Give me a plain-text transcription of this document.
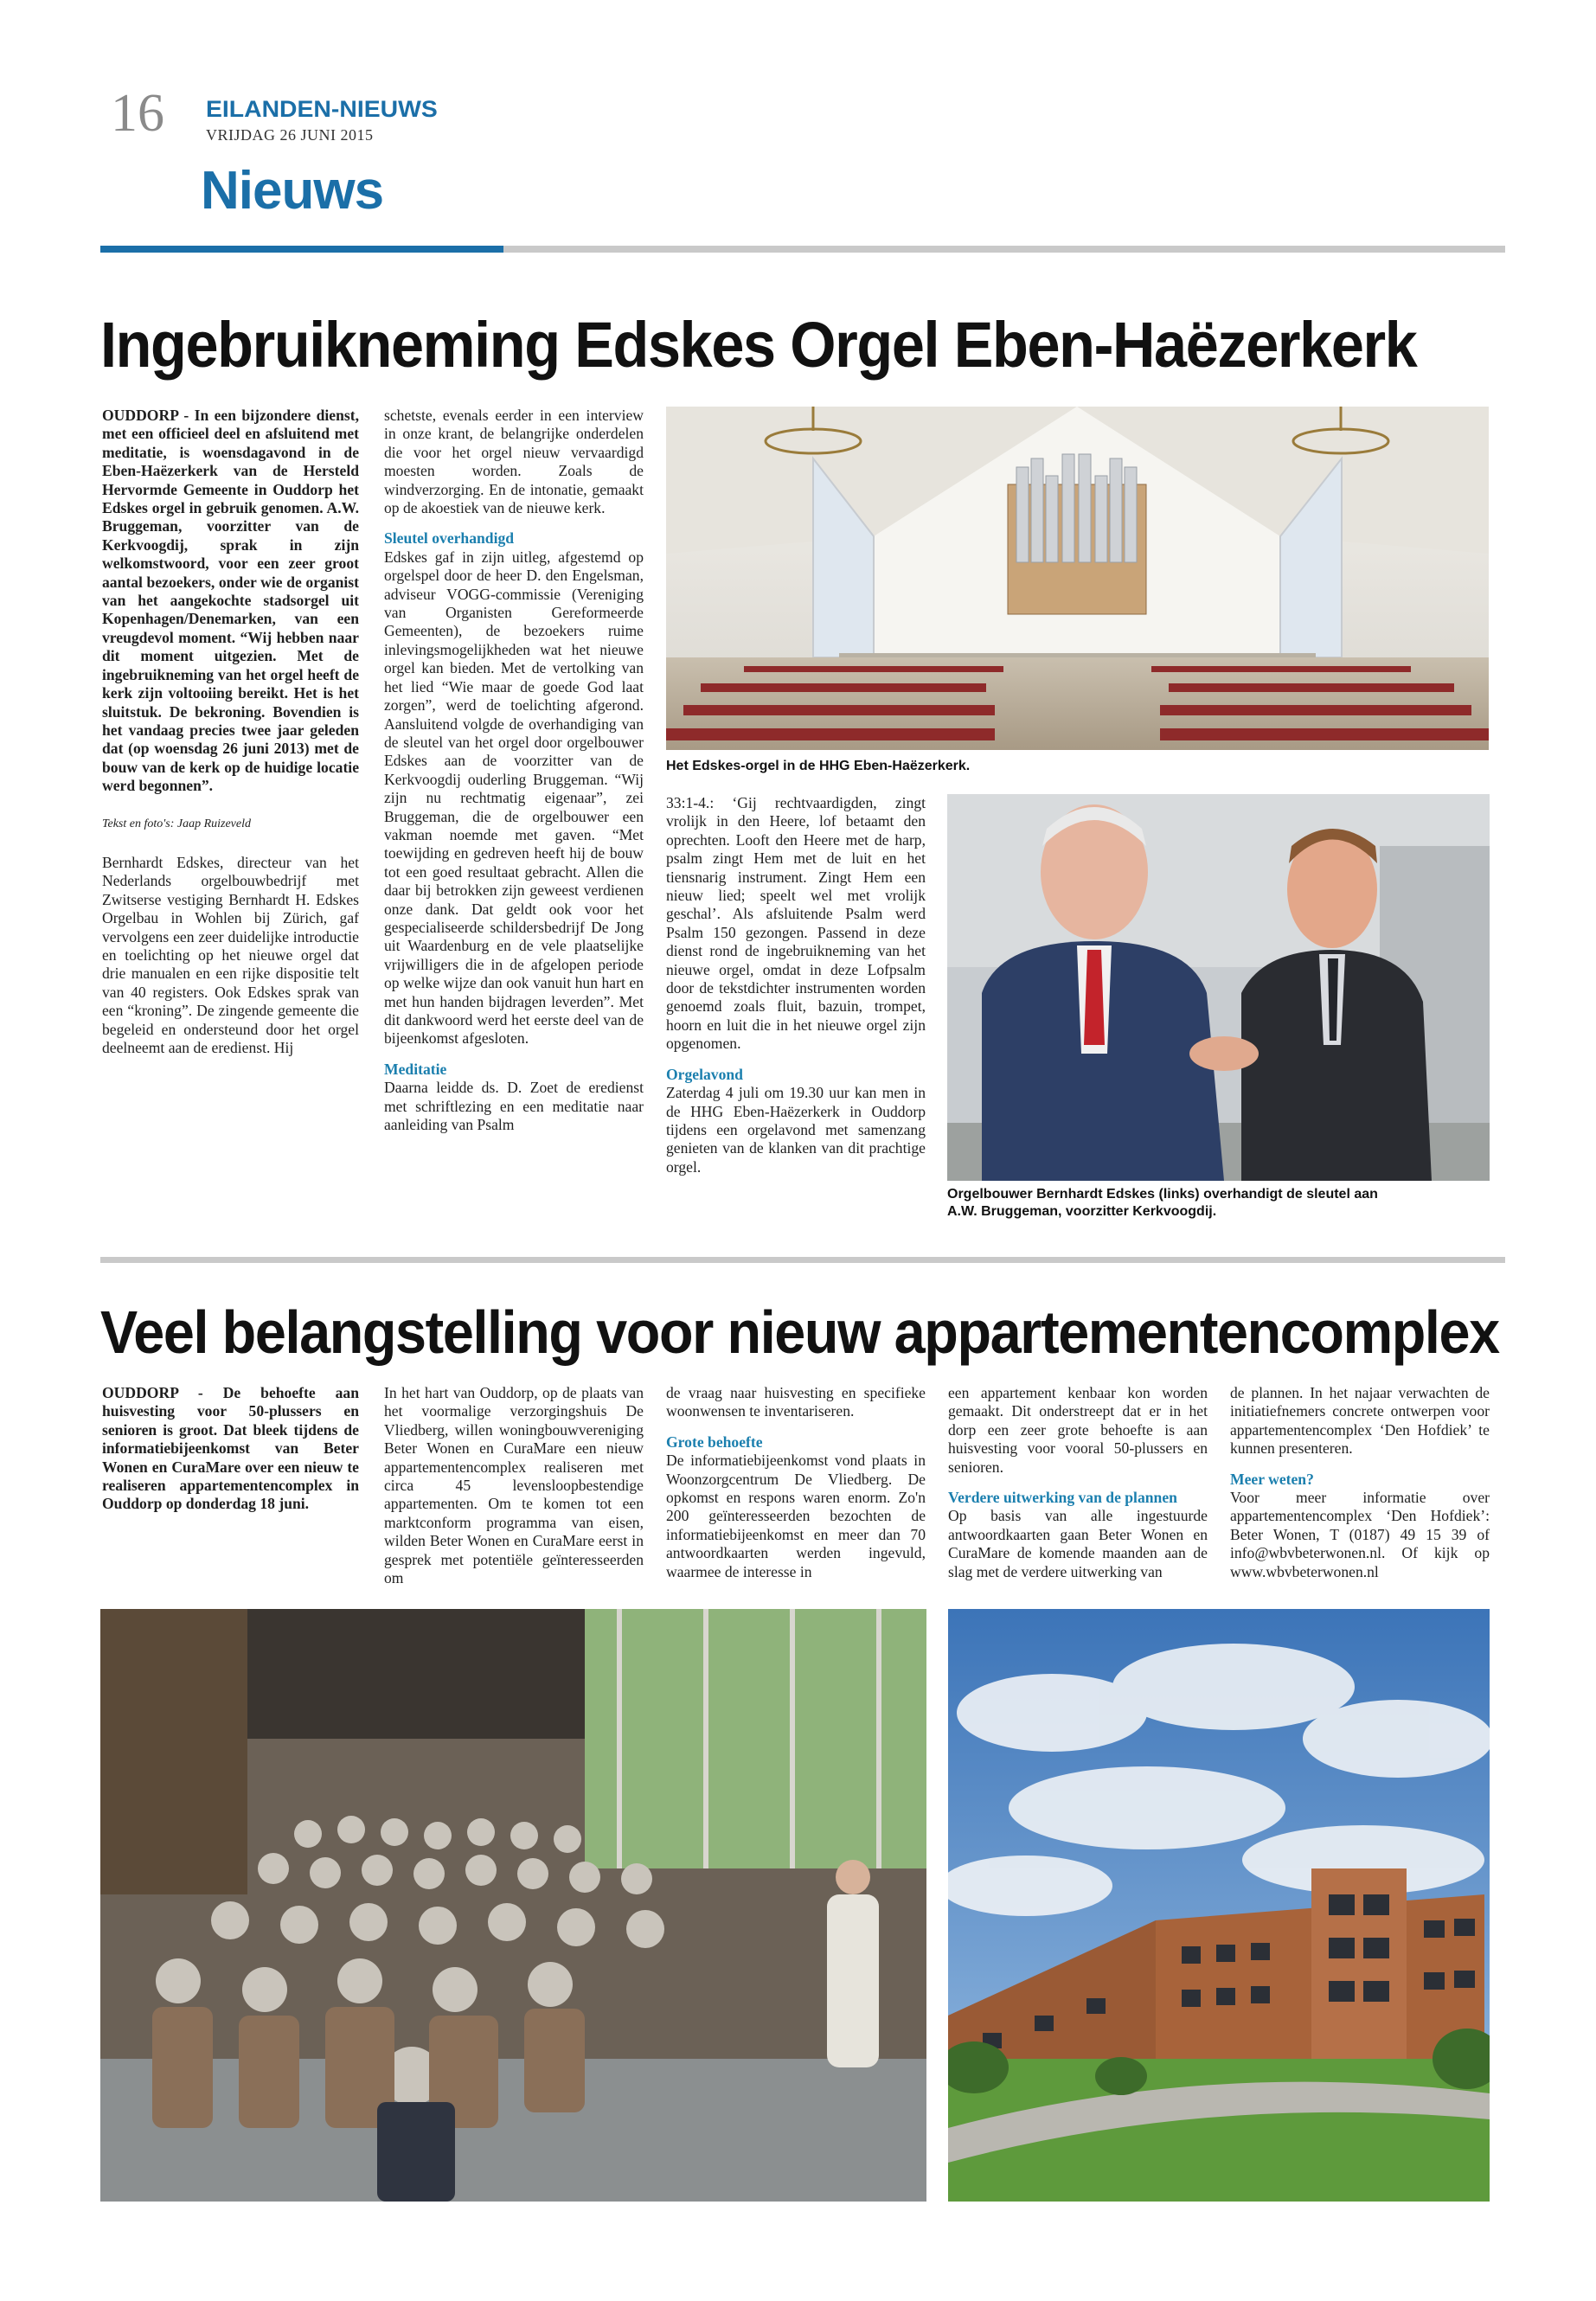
16 EILANDEN-NIEUWS
VRIJDAG 26 JUNI 2015
Nieuws
Ingebruikneming Edskes Orgel Eben-Haëzerkerk

OUDDORP - In een bijzondere dienst, met een officieel deel en afsluitend met meditatie, is woensdagavond in de Eben-Haëzerkerk van de Hersteld Hervormde Gemeente in Ouddorp het Edskes orgel in gebruik genomen. A.W. Bruggeman, voorzitter van de Kerkvoogdij, sprak in zijn welkomstwoord, voor een zeer groot aantal bezoekers, onder wie de organist van het aangekochte stadsorgel uit Kopenhagen/Denemarken, van een vreugdevol moment. “Wij hebben naar dit moment uitgezien. Met de ingebruikneming van het orgel heeft de kerk zijn voltooiing bereikt. Het is het sluitstuk. De bekroning. Bovendien is het vandaag precies twee jaar geleden dat (op woensdag 26 juni 2013) met de bouw van de kerk op de huidige locatie werd begonnen”.

Tekst en foto's: Jaap Ruizeveld

Bernhardt Edskes, directeur van het Nederlands orgelbouwbedrijf met Zwitserse vestiging Bernhardt H. Edskes Orgelbau in Wohlen bij Zürich, gaf vervolgens een zeer duidelijke introductie en toelichting op het nieuwe orgel dat drie manualen en een rijke dispositie telt van 40 registers. Ook Edskes sprak van een “kroning”. De zingende gemeente die begeleid en ondersteund door het orgel deelneemt aan de eredienst. Hij

schetste, evenals eerder in een interview in onze krant, de belangrijke onderdelen die voor het orgel nieuw vervaardigd moesten worden. Zoals de windverzorging. En de intonatie, gemaakt op de akoestiek van de nieuwe kerk.

Sleutel overhandigd

Edskes gaf in zijn uitleg, afgestemd op orgelspel door de heer D. den Engelsman, adviseur VOGG-commissie (Vereniging van Organisten Gereformeerde Gemeenten), de bezoekers ruime inlevingsmogelijkheden wat het nieuwe orgel kan bieden. Met de vertolking van het lied “Wie maar de goede God laat zorgen”, werd de toelichting afgerond. Aansluitend volgde de overhandiging van de sleutel van het orgel door orgelbouwer Edskes aan de voorzitter van de Kerkvoogdij ouderling Bruggeman. “Wij zijn nu rechtmatig eigenaar”, zei Bruggeman, die de orgelbouwer een vakman noemde met gaven. “Met toewijding en gedreven heeft hij de bouw tot een goed resultaat gebracht. Allen die daar bij betrokken zijn geweest verdienen onze dank. Dat geldt ook voor het gespecialiseerde schildersbedrijf De Jong uit Waardenburg en de vele plaatselijke vrijwilligers die in de afgelopen periode op welke wijze dan ook vanuit hun hart en met hun handen bijdragen leverden”. Met dit dankwoord werd het eerste deel van de bijeenkomst afgesloten.

Meditatie

Daarna leidde ds. D. Zoet de eredienst met schriftlezing en een meditatie naar aanleiding van Psalm

Het Edskes-orgel in de HHG Eben-Haëzerkerk.

33:1-4.: ‘Gij rechtvaardigden, zingt vrolijk in den Heere, lof betaamt den oprechten. Looft den Heere met de harp, psalm zingt Hem met de luit en het tiensnarig instrument. Zingt Hem een nieuw lied; speelt wel met vrolijk geschal’. Als afsluitende Psalm werd Psalm 150 gezongen. Passend in deze dienst rond de ingebruikneming van het nieuwe orgel, omdat in deze Lofpsalm door de tekstdichter instrumenten worden genoemd zoals fluit, bazuin, trompet, hoorn en luit die in het nieuwe orgel zijn opgenomen.

Orgelavond

Zaterdag 4 juli om 19.30 uur kan men in de HHG Eben-Haëzerkerk in Ouddorp tijdens een orgelavond met samenzang genieten van de klanken van dit prachtige orgel.

Orgelbouwer Bernhardt Edskes (links) overhandigt de sleutel aan
A.W. Bruggeman, voorzitter Kerkvoogdij.
Veel belangstelling voor nieuw appartementencomplex

OUDDORP - De behoefte aan huisvesting voor 50-plussers en senioren is groot. Dat bleek tijdens de informatiebijeenkomst van Beter Wonen en CuraMare over een nieuw te realiseren appartementencomplex in Ouddorp op donderdag 18 juni.

In het hart van Ouddorp, op de plaats van het voormalige verzorgingshuis De Vliedberg, willen woningbouwvereniging Beter Wonen en CuraMare een nieuw appartementencomplex realiseren met circa 45 levensloopbestendige appartementen. Om te komen tot een marktconform programma van eisen, wilden Beter Wonen en CuraMare eerst in gesprek met potentiële geïnteresseerden om

de vraag naar huisvesting en specifieke woonwensen te inventariseren.

Grote behoefte

De informatiebijeenkomst vond plaats in Woonzorgcentrum De Vliedberg. De opkomst en respons waren enorm. Zo'n 200 geïnteresseerden bezochten de informatiebijeenkomst en meer dan 70 antwoordkaarten werden ingevuld, waarmee de interesse in

een appartement kenbaar kon worden gemaakt. Dit onderstreept dat er in het dorp een zeer grote behoefte is aan huisvesting voor vooral 50-plussers en senioren.

Verdere uitwerking van de plannen

Op basis van alle ingestuurde antwoordkaarten gaan Beter Wonen en CuraMare de komende maanden aan de slag met de verdere uitwerking van

de plannen. In het najaar verwachten de initiatiefnemers concrete ontwerpen voor appartementencomplex ‘Den Hofdiek’ te kunnen presenteren.

Meer weten?

Voor meer informatie over appartementencomplex ‘Den Hofdiek’: Beter Wonen, T (0187) 49 15 39 of info@wbvbeterwonen.nl. Of kijk op www.wbvbeterwonen.nl
